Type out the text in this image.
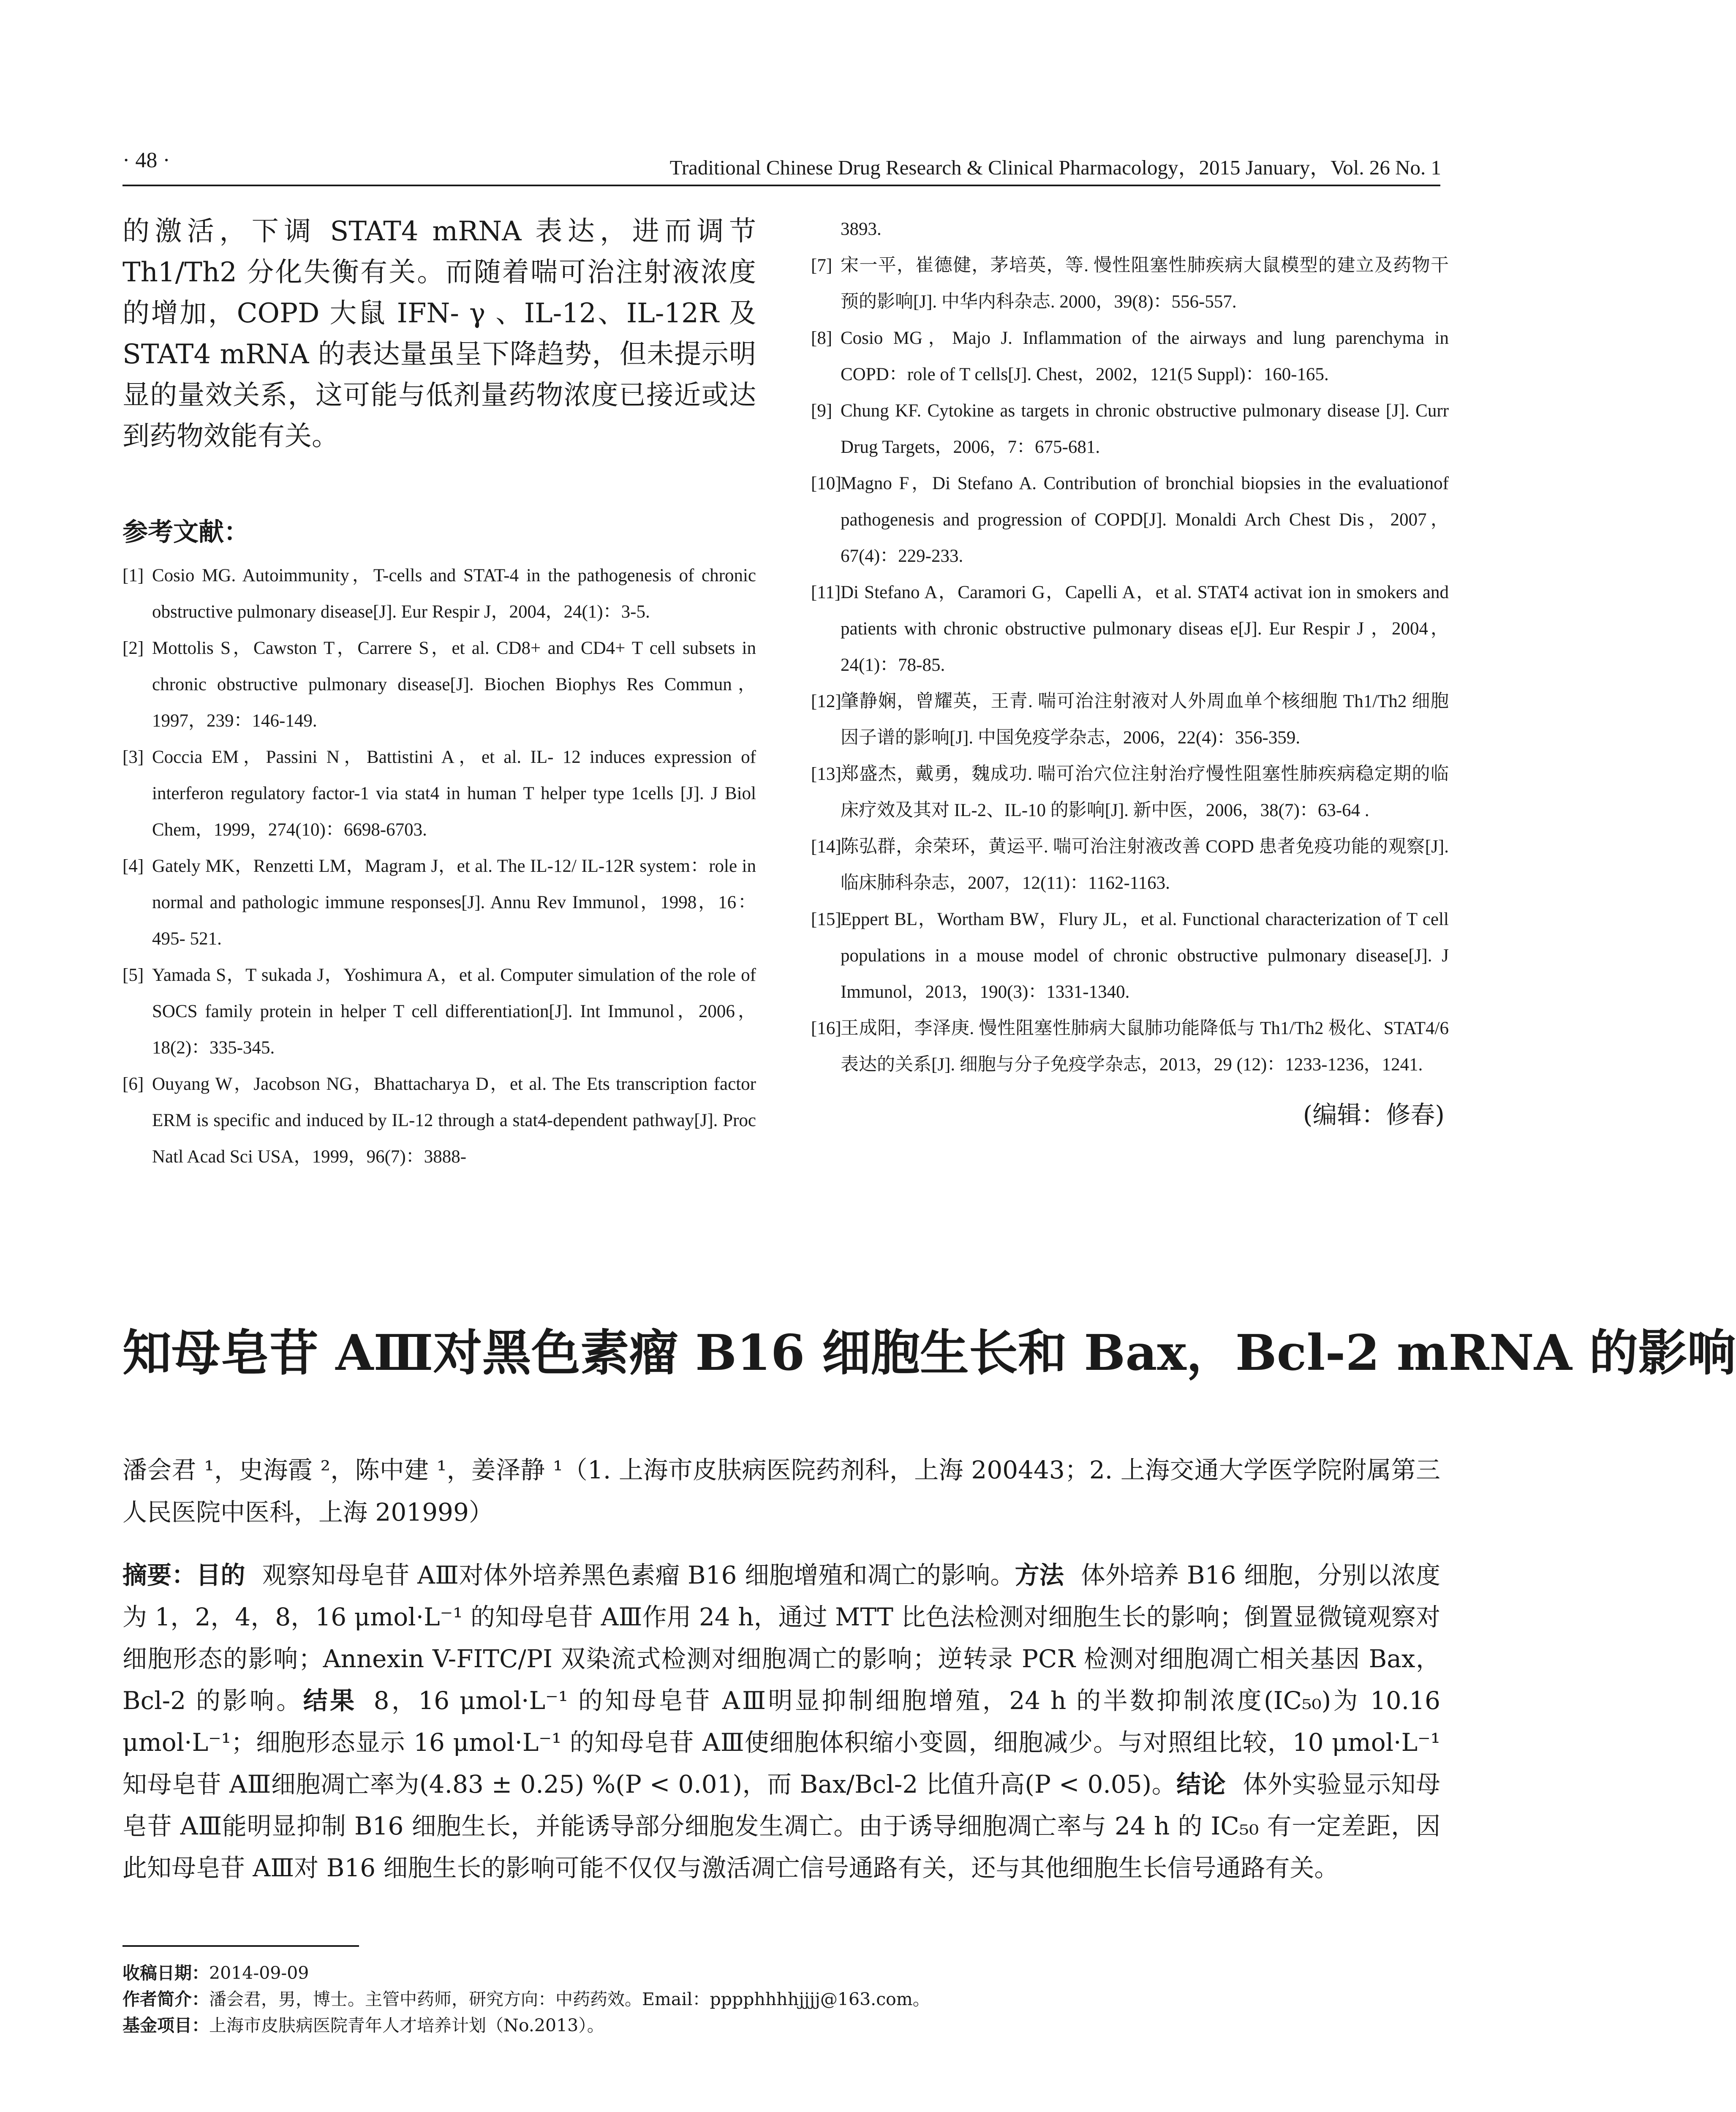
· 48 ·	Traditional Chinese Drug Research & Clinical Pharmacology，2015 January，Vol. 26 No. 1
的激活，下调 STAT4 mRNA 表达，进而调节 Th1/Th2 分化失衡有关。而随着喘可治注射液浓度的增加，COPD 大鼠 IFN- γ 、IL-12、IL-12R 及 STAT4 mRNA 的表达量虽呈下降趋势，但未提示明显的量效关系，这可能与低剂量药物浓度已接近或达到药物效能有关。
参考文献：
[1] Cosio MG. Autoimmunity，T-cells and STAT-4 in the pathogenesis of chronic obstructive pulmonary disease[J]. Eur Respir J，2004，24(1)：3-5.
[2] Mottolis S，Cawston T，Carrere S，et al. CD8+ and CD4+ T cell subsets in chronic obstructive pulmonary disease[J]. Biochen Biophys Res Commun，1997，239：146-149.
[3] Coccia EM，Passini N，Battistini A，et al. IL- 12 induces expression of interferon regulatory factor-1 via stat4 in human T helper type 1cells [J]. J Biol Chem，1999，274(10)：6698-6703.
[4] Gately MK，Renzetti LM，Magram J，et al. The IL-12/ IL-12R system：role in normal and pathologic immune responses[J]. Annu Rev Immunol，1998，16：495- 521.
[5] Yamada S，T sukada J，Yoshimura A，et al. Computer simulation of the role of SOCS family protein in helper T cell differentiation[J]. Int Immunol，2006，18(2)：335-345.
[6] Ouyang W，Jacobson NG，Bhattacharya D，et al. The Ets transcription factor ERM is specific and induced by IL-12 through a stat4-dependent pathway[J]. Proc Natl Acad Sci USA，1999，96(7)：3888-
3893.
[7] 宋一平，崔德健，茅培英，等. 慢性阻塞性肺疾病大鼠模型的建立及药物干预的影响[J]. 中华内科杂志. 2000，39(8)：556-557.
[8] Cosio MG，Majo J. Inflammation of the airways and lung parenchyma in COPD：role of T cells[J]. Chest，2002，121(5 Suppl)：160-165.
[9] Chung KF. Cytokine as targets in chronic obstructive pulmonary disease [J]. Curr Drug Targets，2006，7：675-681.
[10]
Magno F，Di Stefano A. Contribution of bronchial biopsies in the evaluationof pathogenesis and progression of COPD[J]. Monaldi Arch Chest Dis，2007，67(4)：229-233.
[11] Di Stefano A，Caramori G，Capelli A，et al. STAT4 activat ion in smokers and patients with chronic obstructive pulmonary diseas e[J]. Eur Respir J ，2004，24(1)：78-85.
[12]
肇静娴，曾耀英，王青. 喘可治注射液对人外周血单个核细胞 Th1/Th2 细胞因子谱的影响[J]. 中国免疫学杂志，2006，22(4)：356-359.
[13]
郑盛杰，戴勇，魏成功. 喘可治穴位注射治疗慢性阻塞性肺疾病稳定期的临床疗效及其对 IL-2、IL-10 的影响[J]. 新中医，2006，38(7)：63-64 .
[14]
陈弘群，余荣环，黄运平. 喘可治注射液改善 COPD 患者免疫功能的观察[J]. 临床肺科杂志，2007，12(11)：1162-1163.
[15]
Eppert BL，Wortham BW，Flury JL，et al. Functional characterization of T cell populations in a mouse model of chronic obstructive pulmonary disease[J]. J Immunol，2013，190(3)：1331-1340.
[16]
王成阳，李泽庚. 慢性阻塞性肺病大鼠肺功能降低与 Th1/Th2 极化、STAT4/6 表达的关系[J]. 细胞与分子免疫学杂志，2013，29 (12)：1233-1236，1241.
(编辑：修春)
知母皂苷 AⅢ对黑色素瘤 B16 细胞生长和 Bax，Bcl-2 mRNA 的影响
潘会君 ¹，史海霞 ²，陈中建 ¹，姜泽静 ¹（1. 上海市皮肤病医院药剂科，上海 200443；2. 上海交通大学医学院附属第三人民医院中医科，上海 201999）
摘要：目的 观察知母皂苷 AⅢ对体外培养黑色素瘤 B16 细胞增殖和凋亡的影响。方法 体外培养 B16 细胞，分别以浓度为 1，2，4，8，16 μmol·L⁻¹ 的知母皂苷 AⅢ作用 24 h，通过 MTT 比色法检测对细胞生长的影响；倒置显微镜观察对细胞形态的影响；Annexin V-FITC/PI 双染流式检测对细胞凋亡的影响；逆转录 PCR 检测对细胞凋亡相关基因 Bax，Bcl-2 的影响。结果 8，16 μmol·L⁻¹ 的知母皂苷 AⅢ明显抑制细胞增殖，24 h 的半数抑制浓度(IC₅₀)为 10.16 μmol·L⁻¹；细胞形态显示 16 μmol·L⁻¹ 的知母皂苷 AⅢ使细胞体积缩小变圆，细胞减少。与对照组比较，10 μmol·L⁻¹ 知母皂苷 AⅢ细胞凋亡率为(4.83 ± 0.25) %(P < 0.01)，而 Bax/Bcl-2 比值升高(P < 0.05)。结论 体外实验显示知母皂苷 AⅢ能明显抑制 B16 细胞生长，并能诱导部分细胞发生凋亡。由于诱导细胞凋亡率与 24 h 的 IC₅₀ 有一定差距，因此知母皂苷 AⅢ对 B16 细胞生长的影响可能不仅仅与激活凋亡信号通路有关，还与其他细胞生长信号通路有关。
收稿日期：2014-09-09
作者简介：潘会君，男，博士。主管中药师，研究方向：中药药效。Email：pppphhhhjjjj@163.com。
基金项目：上海市皮肤病医院青年人才培养计划（No.2013）。
